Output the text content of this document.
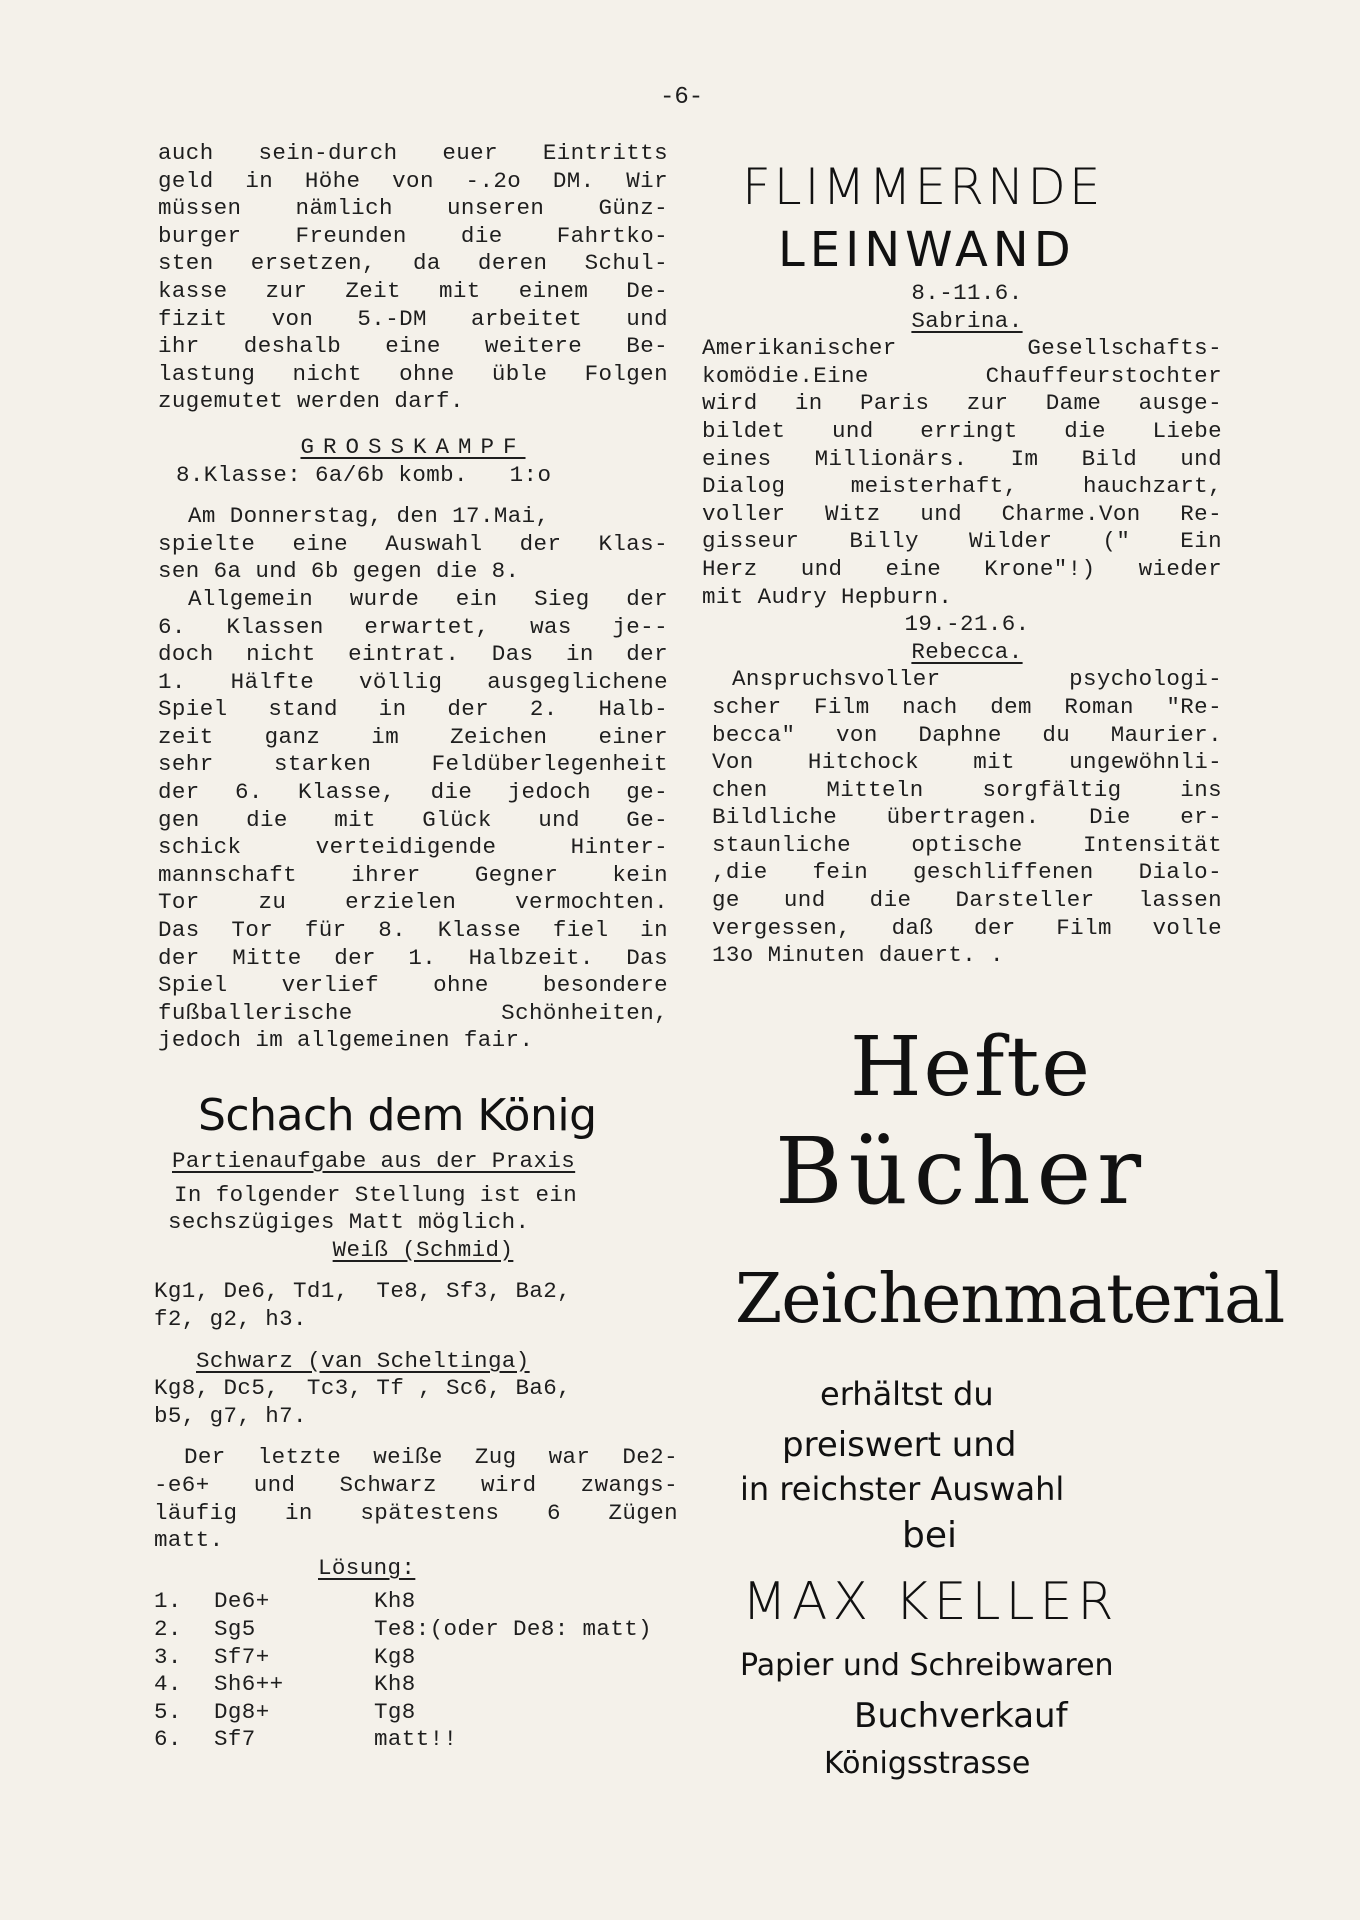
-6-
auch sein-durch euer Eintritts
geld in Höhe von -.2o DM. Wir
müssen nämlich unseren Günz-
burger Freunden die Fahrtko-
sten ersetzen, da deren Schul-
kasse zur Zeit mit einem De-
fizit von 5.-DM arbeitet und
ihr deshalb eine weitere Be-
lastung nicht ohne üble Folgen
zugemutet werden darf.
GROSSKAMPF
8.Klasse: 6a/6b komb.   1:o
Am Donnerstag, den 17.Mai,
spielte eine Auswahl der Klas-
sen 6a und 6b gegen die 8.
Allgemein wurde ein Sieg der
6. Klassen erwartet, was je--
doch nicht eintrat. Das in der
1. Hälfte völlig ausgeglichene
Spiel stand in der 2. Halb-
zeit ganz im Zeichen einer
sehr starken Feldüberlegenheit
der 6. Klasse, die jedoch ge-
gen die mit Glück und Ge-
schick verteidigende Hinter-
mannschaft ihrer Gegner kein
Tor zu erzielen vermochten.
Das Tor für 8. Klasse fiel in
der Mitte der 1. Halbzeit. Das
Spiel verlief ohne besondere
fußballerische Schönheiten,
jedoch im allgemeinen fair.
Schach dem König
Partienaufgabe aus der Praxis
In folgender Stellung ist ein
sechszügiges Matt möglich.
Weiß (Schmid)
Kg1, De6, Td1,  Te8, Sf3, Ba2,
f2, g2, h3.
Schwarz (van Scheltinga)
Kg8, Dc5,  Tc3, Tf , Sc6, Ba6,
b5, g7, h7.
Der letzte weiße Zug war De2-
-e6+ und Schwarz wird zwangs-
läufig in spätestens 6 Zügen
matt.
Lösung:
1.	De6+	Kh8
2.	Sg5	Te8:(oder De8: matt)
3.	Sf7+	Kg8
4.	Sh6++	Kh8
5.	Dg8+	Tg8
6.	Sf7	matt!!
FLIMMERNDE
LEINWAND
8.-11.6.
Sabrina.
Amerikanischer Gesellschafts-
komödie.Eine Chauffeurstochter
wird in Paris zur Dame ausge-
bildet und erringt die Liebe
eines Millionärs. Im Bild und
Dialog meisterhaft, hauchzart,
voller Witz und Charme.Von Re-
gisseur Billy Wilder (" Ein
Herz und eine Krone"!) wieder
mit Audry Hepburn.
19.-21.6.
Rebecca.
Anspruchsvoller psychologi-
scher Film nach dem Roman "Re-
becca" von Daphne du Maurier.
Von Hitchock mit ungewöhnli-
chen Mitteln sorgfältig ins
Bildliche übertragen. Die er-
staunliche optische Intensität
,die fein geschliffenen Dialo-
ge und die Darsteller lassen
vergessen, daß der Film volle
13o Minuten dauert. .
Hefte
Bücher
Zeichenmaterial
erhältst du
preiswert und
in reichster Auswahl
bei
MAX KELLER
Papier und Schreibwaren
Buchverkauf
Königsstrasse
